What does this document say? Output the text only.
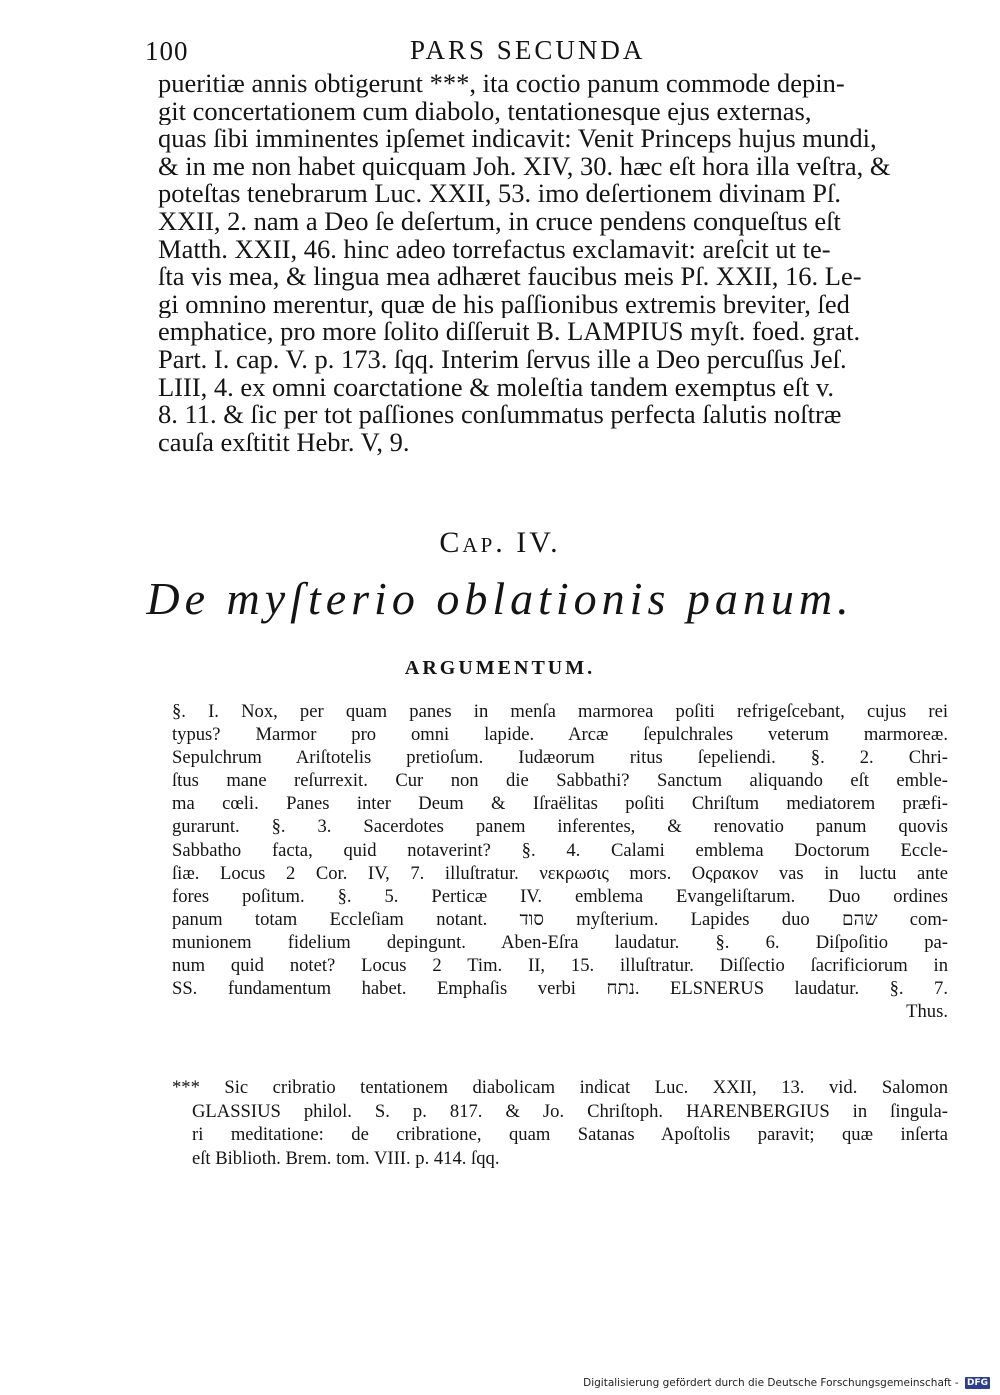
100	PARS SECUNDA
pueritiæ annis obtigerunt ***, ita coctio panum commode depin-
git concertationem cum diabolo, tentationesque ejus externas,
quas ſibi imminentes ipſemet indicavit: Venit Princeps hujus mundi,
& in me non habet quicquam Joh. XIV, 30. hæc eſt hora illa veſtra, &
poteſtas tenebrarum Luc. XXII, 53. imo deſertionem divinam Pſ.
XXII, 2. nam a Deo ſe deſertum, in cruce pendens conqueſtus eſt
Matth. XXII, 46. hinc adeo torrefactus exclamavit: areſcit ut te-
ſta vis mea, & lingua mea adhæret faucibus meis Pſ. XXII, 16. Le-
gi omnino merentur, quæ de his paſſionibus extremis breviter, ſed
emphatice, pro more ſolito diſſeruit B. LAMPIUS myſt. foed. grat.
Part. I. cap. V. p. 173. ſqq. Interim ſervus ille a Deo percuſſus Jeſ.
LIII, 4. ex omni coarctatione & moleſtia tandem exemptus eſt v.
8. 11. & ſic per tot paſſiones conſummatus perfecta ſalutis noſtræ
cauſa exſtitit Hebr. V, 9.
Cap. IV.
De myſterio oblationis panum.
ARGUMENTUM.
§. I. Nox, per quam panes in menſa marmorea poſiti refrigeſcebant, cujus rei
typus? Marmor pro omni lapide. Arcæ ſepulchrales veterum marmoreæ.
Sepulchrum Ariſtotelis pretioſum. Iudæorum ritus ſepeliendi. §. 2. Chri-
ſtus mane reſurrexit. Cur non die Sabbathi? Sanctum aliquando eſt emble-
ma cœli. Panes inter Deum & Iſraëlitas poſiti Chriſtum mediatorem præfi-
gurarunt. §. 3. Sacerdotes panem inferentes, & renovatio panum quovis
Sabbatho facta, quid notaverint? §. 4. Calami emblema Doctorum Eccle-
ſiæ. Locus 2 Cor. IV, 7. illuſtratur. νεκρωσις mors. Οςρακον vas in luctu ante
fores poſitum. §. 5. Perticæ IV. emblema Evangeliſtarum. Duo ordines
panum totam Eccleſiam notant. סוד myſterium. Lapides duo שהם com-
munionem fidelium depingunt. Aben-Eſra laudatur. §. 6. Diſpoſitio pa-
num quid notet? Locus 2 Tim. II, 15. illuſtratur. Diſſectio ſacrificiorum in
SS. fundamentum habet. Emphaſis verbi נתח. ELSNERUS laudatur. §. 7.
Thus.
*** Sic cribratio tentationem diabolicam indicat Luc. XXII, 13. vid. Salomon
GLASSIUS philol. S. p. 817. & Jo. Chriſtoph. HARENBERGIUS in ſingula-
ri meditatione: de cribratione, quam Satanas Apoſtolis paravit; quæ inſerta
eſt Biblioth. Brem. tom. VIII. p. 414. ſqq.
Digitalisierung gefördert durch die Deutsche Forschungsgemeinschaft - DFG
